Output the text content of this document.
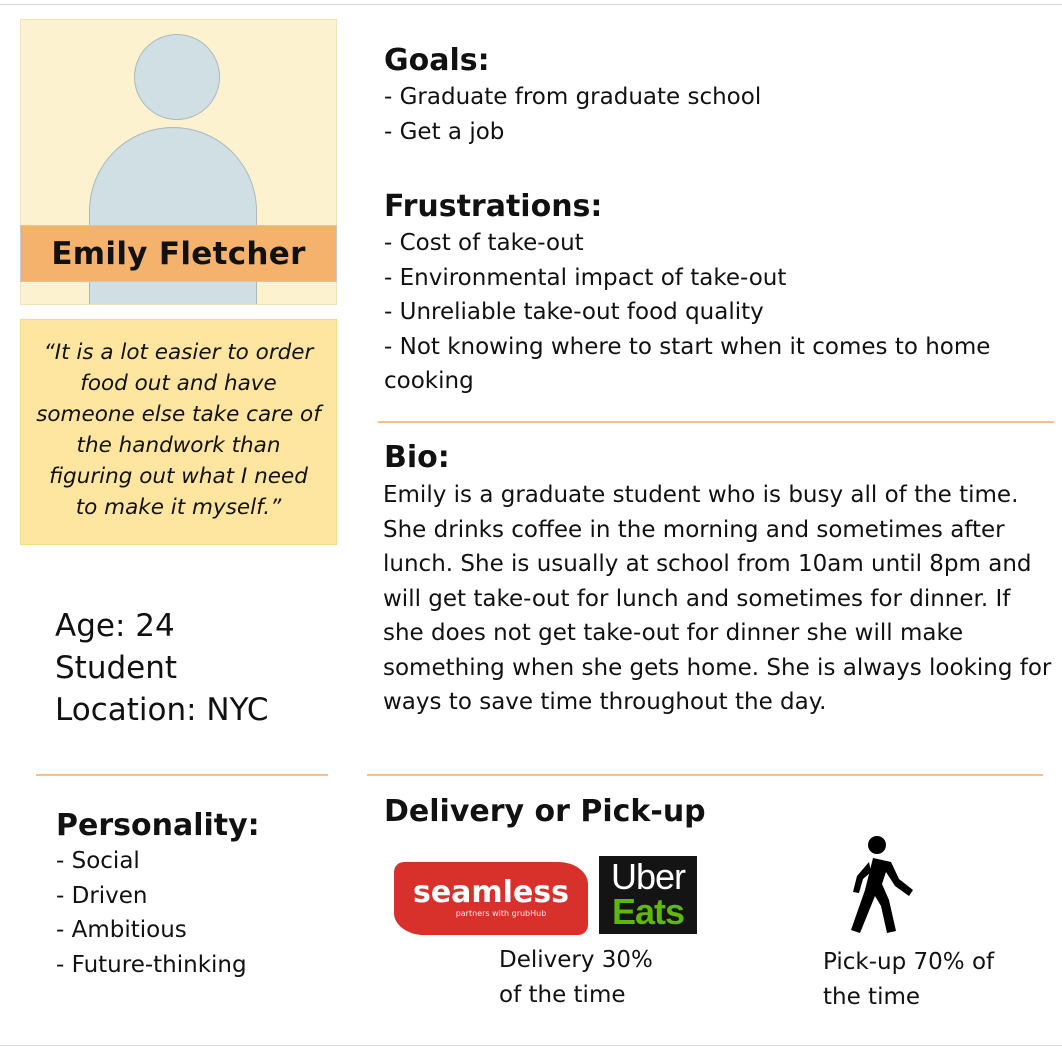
Emily Fletcher
“It is a lot easier to order food out and have someone else take care of the handwork than figuring out what I need to make it myself.”
Age: 24
Student
Location: NYC
Personality:
- Social
- Driven
- Ambitious
- Future-thinking
Goals:
- Graduate from graduate school
- Get a job
Frustrations:
- Cost of take-out
- Environmental impact of take-out
- Unreliable take-out food quality
- Not knowing where to start when it comes to home cooking
Bio:
Emily is a graduate student who is busy all of the time. She drinks coffee in the morning and sometimes after lunch. She is usually at school from 10am until 8pm and will get take-out for lunch and sometimes for dinner. If she does not get take-out for dinner she will make something when she gets home. She is always looking for ways to save time throughout the day.
Delivery or Pick-up
seamless
partners with grubHub
Uber
Eats
Delivery 30%
of the time
Pick-up 70% of
the time
